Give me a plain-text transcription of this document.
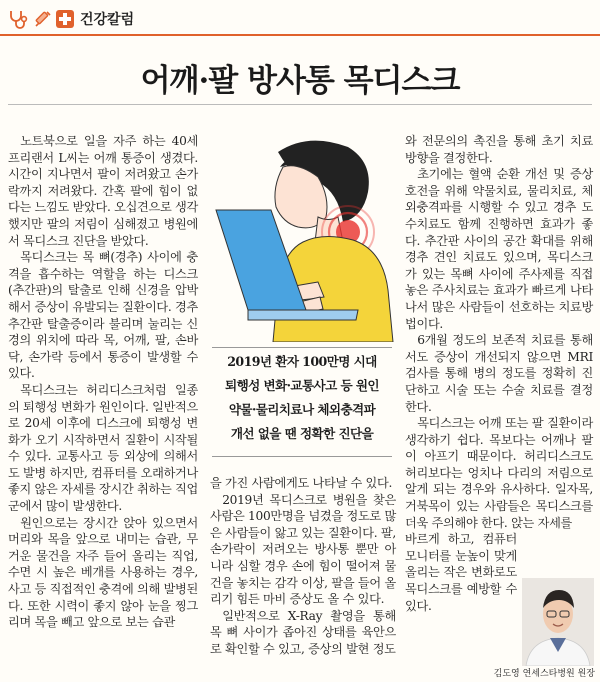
건강칼럼
어깨·팔 방사통 목디스크

노트북으로 일을 자주 하는 40세 프리랜서 L씨는 어깨 통증이 생겼다. 시간이 지나면서 팔이 저려왔고 손가락까지 저려왔다. 간혹 팔에 힘이 없다는 느낌도 받았다. 오십견으로 생각했지만 팔의 저림이 심해졌고 병원에서 목디스크 진단을 받았다.

목디스크는 목 뼈(경추) 사이에 충격을 흡수하는 역할을 하는 디스크(추간판)의 탈출로 인해 신경을 압박해서 증상이 유발되는 질환이다. 경추 추간판 탈출증이라 불리며 눌리는 신경의 위치에 따라 목, 어깨, 팔, 손바닥, 손가락 등에서 통증이 발생할 수 있다.

목디스크는 허리디스크처럼 일종의 퇴행성 변화가 원인이다. 일반적으로 20세 이후에 디스크에 퇴행성 변화가 오기 시작하면서 질환이 시작될 수 있다. 교통사고 등 외상에 의해서도 발병 하지만, 컴퓨터를 오래하거나 좋지 않은 자세를 장시간 취하는 직업군에서 많이 발생한다.

원인으로는 장시간 앉아 있으면서 머리와 목을 앞으로 내미는 습관, 무거운 물건을 자주 들어 올리는 직업, 수면 시 높은 베개를 사용하는 경우, 사고 등 직접적인 충격에 의해 발병된다. 또한 시력이 좋지 않아 눈을 찡그리며 목을 빼고 앞으로 보는 습관

2019년 환자 100만명 시대
퇴행성 변화·교통사고 등 원인
약물·물리치료나 체외충격파
개선 없을 땐 정확한 진단을

을 가진 사람에게도 나타날 수 있다.

2019년 목디스크로 병원을 찾은 사람은 100만명을 넘겼을 정도로 많은 사람들이 앓고 있는 질환이다. 팔, 손가락이 저려오는 방사통 뿐만 아니라 심할 경우 손에 힘이 떨어져 물건을 놓치는 감각 이상, 팔을 들어 올리기 힘든 마비 증상도 올 수 있다.

일반적으로 X-Ray 촬영을 통해 목 뼈 사이가 좁아진 상태를 육안으로 확인할 수 있고, 증상의 발현 정도

와 전문의의 촉진을 통해 초기 치료 방향을 결정한다.

초기에는 혈액 순환 개선 및 증상 호전을 위해 약물치료, 물리치료, 체외충격파를 시행할 수 있고 경추 도수치료도 함께 진행하면 효과가 좋다. 추간판 사이의 공간 확대를 위해 경추 견인 치료도 있으며, 목디스크가 있는 목뼈 사이에 주사제를 직접 놓은 주사치료는 효과가 빠르게 나타나서 많은 사람들이 선호하는 치료방법이다.

6개월 정도의 보존적 치료를 통해서도 증상이 개선되지 않으면 MRI 검사를 통해 병의 정도를 정확히 진단하고 시술 또는 수술 치료를 결정한다.

목디스크는 어깨 또는 팔 질환이라 생각하기 쉽다. 목보다는 어깨나 팔이 아프기 때문이다. 허리디스크도 허리보다는 엉치나 다리의 저림으로 알게 되는 경우와 유사하다. 일자목, 거북목이 있는 사람들은 목디스크를 더욱 주의해야 한다. 앉는 자세를

바르게 하고, 컴퓨터 모니터를 눈높이 맞게 올리는 작은 변화로도 목디스크를 예방할 수 있다.

김도영 연세스타병원 원장
